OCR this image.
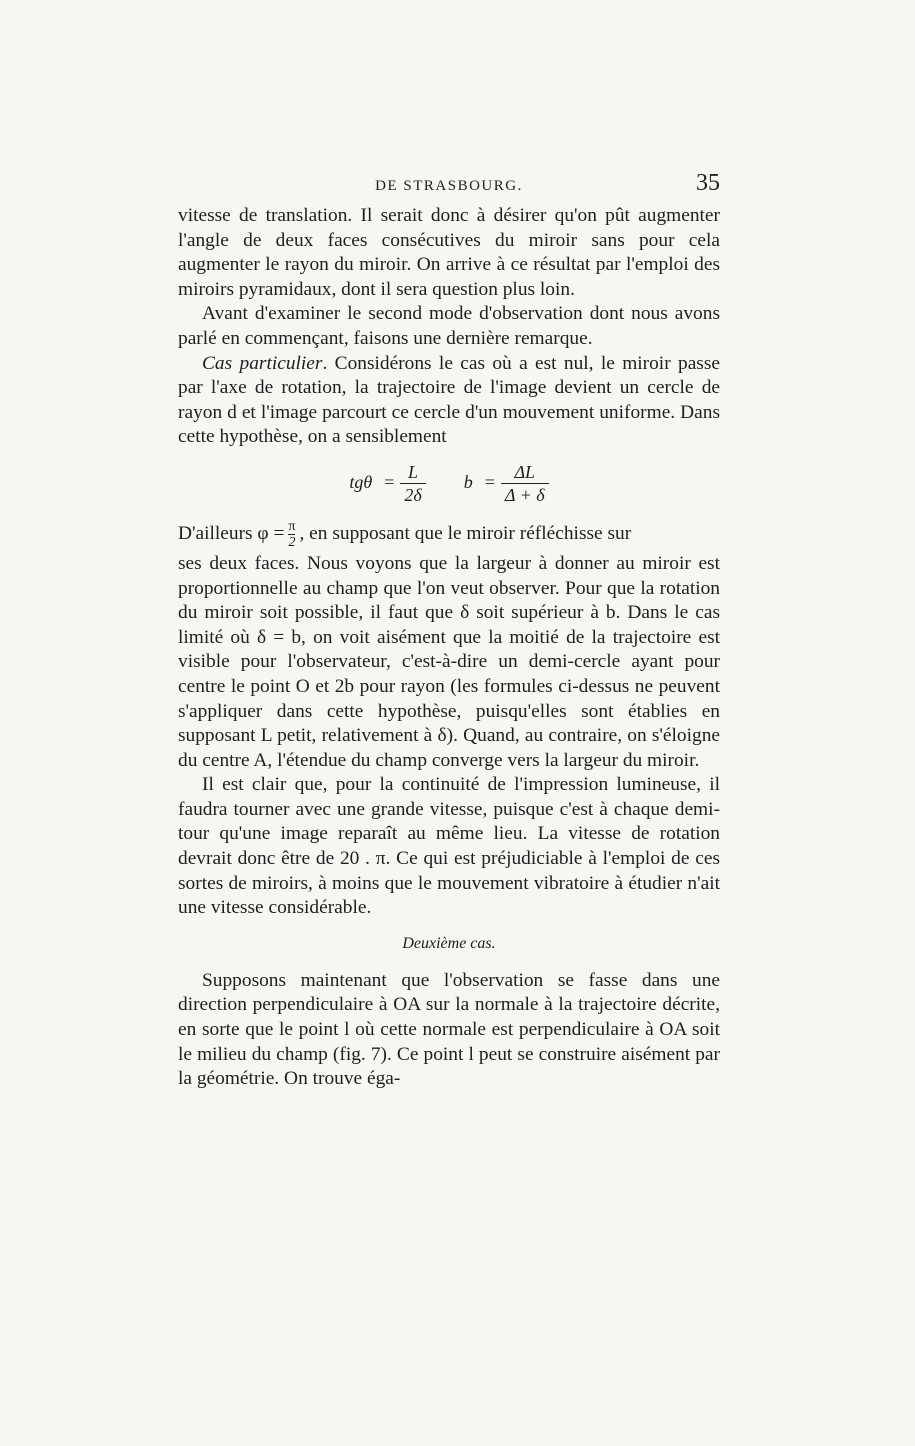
DE STRASBOURG.	35

vitesse de translation. Il serait donc à désirer qu'on pût augmenter l'angle de deux faces consécutives du miroir sans pour cela augmenter le rayon du miroir. On arrive à ce résultat par l'emploi des miroirs pyramidaux, dont il sera question plus loin.

Avant d'examiner le second mode d'observation dont nous avons parlé en commençant, faisons une dernière remarque.

Cas particulier. Considérons le cas où a est nul, le miroir passe par l'axe de rotation, la trajectoire de l'image devient un cercle de rayon d et l'image parcourt ce cercle d'un mouvement uniforme. Dans cette hypothèse, on a sensiblement

$tg\theta = \frac{L}{2\delta}$ $b = \frac{\Delta L}{\Delta + \delta}$
D'ailleurs $\varphi = \frac{\pi}{2}$ , en supposant que le miroir réfléchisse sur

ses deux faces. Nous voyons que la largeur à donner au miroir est proportionnelle au champ que l'on veut observer. Pour que la rotation du miroir soit possible, il faut que δ soit supérieur à b. Dans le cas limité où δ = b, on voit aisément que la moitié de la trajectoire est visible pour l'observateur, c'est-à-dire un demi-cercle ayant pour centre le point O et 2b pour rayon (les formules ci-dessus ne peuvent s'appliquer dans cette hypothèse, puisqu'elles sont établies en supposant L petit, relativement à δ). Quand, au contraire, on s'éloigne du centre A, l'étendue du champ converge vers la largeur du miroir.

Il est clair que, pour la continuité de l'impression lumineuse, il faudra tourner avec une grande vitesse, puisque c'est à chaque demi-tour qu'une image reparaît au même lieu. La vitesse de rotation devrait donc être de 20 . π. Ce qui est préjudiciable à l'emploi de ces sortes de miroirs, à moins que le mouvement vibratoire à étudier n'ait une vitesse considérable.

Deuxième cas.

Supposons maintenant que l'observation se fasse dans une direction perpendiculaire à OA sur la normale à la trajectoire décrite, en sorte que le point l où cette normale est perpendiculaire à OA soit le milieu du champ (fig. 7). Ce point l peut se construire aisément par la géométrie. On trouve éga-
